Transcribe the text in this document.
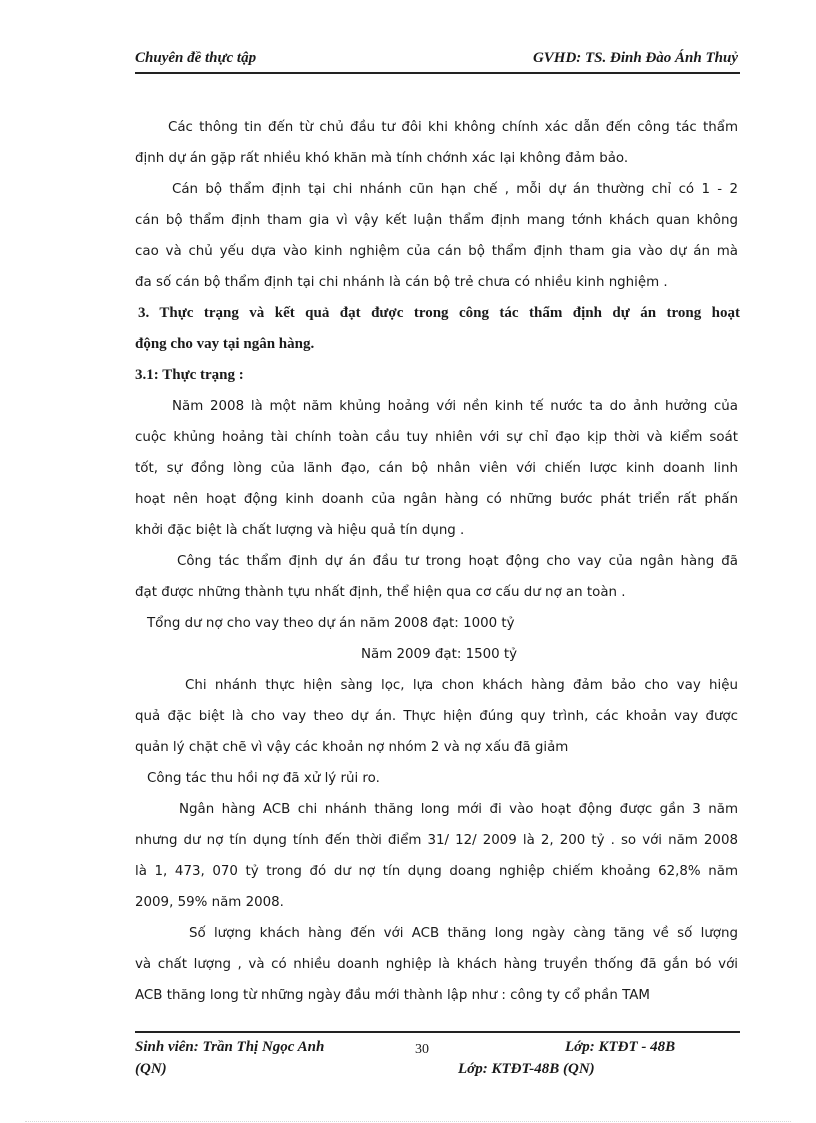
Chuyên đề thực tập	GVHD: TS. Đinh Đào Ánh Thuỷ
Các thông tin đến từ chủ đầu tư đôi khi không chính xác dẫn đến công tác thẩm
định dự án gặp rất nhiều khó khăn mà tính chớnh xác lại không đảm bảo.
Cán bộ thẩm định tại chi nhánh cũn hạn chế , mỗi dự án thường chỉ có 1 - 2
cán bộ thẩm định tham gia vì vậy kết luận thẩm định mang tớnh khách quan không
cao và chủ yếu dựa vào kinh nghiệm của cán bộ thẩm định tham gia vào dự án mà
đa số cán bộ thẩm định tại chi nhánh là cán bộ trẻ chưa có nhiều kinh nghiệm .
3. Thực trạng và kết quả đạt được trong công tác thẩm định dự án trong hoạt
động cho vay tại ngân hàng.
3.1: Thực trạng :
Năm 2008 là một năm khủng hoảng với nền kinh tế nước ta do ảnh hưởng của
cuộc khủng hoảng tài chính toàn cầu tuy nhiên với sự chỉ đạo kịp thời và kiểm soát
tốt, sự đồng lòng của lãnh đạo, cán bộ nhân viên với chiến lược kinh doanh linh
hoạt nên hoạt động kinh doanh của ngân hàng có những bước phát triển rất phấn
khởi đặc biệt là chất lượng và hiệu quả tín dụng .
Công tác thẩm định dự án đầu tư trong hoạt động cho vay của ngân hàng đã
đạt được những thành tựu nhất định, thể hiện qua cơ cấu dư nợ an toàn .
Tổng dư nợ cho vay theo dự án năm 2008 đạt: 1000 tỷ
Năm 2009 đạt: 1500 tỷ
Chi nhánh thực hiện sàng lọc, lựa chon khách hàng đảm bảo cho vay hiệu
quả đặc biệt là cho vay theo dự án. Thực hiện đúng quy trình, các khoản vay được
quản lý chặt chẽ vì vậy các khoản nợ nhóm 2 và nợ xấu đã giảm
Công tác thu hồi nợ đã xử lý rủi ro.
Ngân hàng ACB chi nhánh thăng long mới đi vào hoạt động được gần 3 năm
nhưng dư nợ tín dụng tính đến thời điểm 31/ 12/ 2009 là 2, 200 tỷ . so với năm 2008
là 1, 473, 070 tỷ trong đó dư nợ tín dụng doang nghiệp chiếm khoảng 62,8% năm
2009, 59% năm 2008.
Số lượng khách hàng đến với ACB thăng long ngày càng tăng về số lượng
và chất lượng , và có nhiều doanh nghiệp là khách hàng truyền thống đã gắn bó với
ACB thăng long từ những ngày đầu mới thành lập như : công ty cổ phần TAM
Sinh viên: Trần Thị Ngọc Anh
(QN)
30	Lớp: KTĐT - 48B
Lớp: KTĐT-48B (QN)
